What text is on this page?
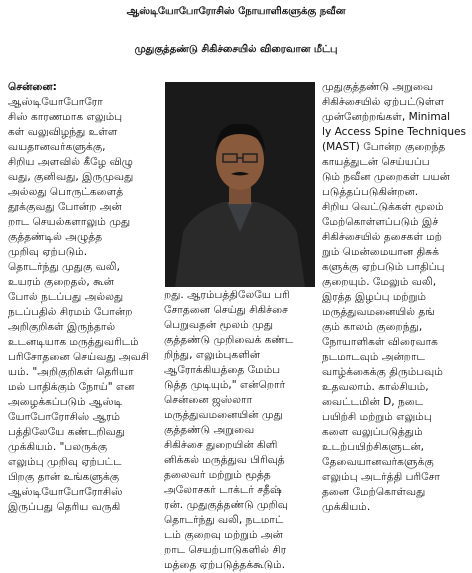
ஆஸ்டியோபோரோசிஸ் நோயாளிகளுக்கு நவீன
முதுகுத்தண்டு சிகிச்சையில் விரைவான மீட்பு

சென்னை:

ஆஸ்டியோபோரோ

சிஸ் காரணமாக எலும்பு

கள் வலுவிழந்து உள்ள

வயதானவர்களுக்கு,

சிறிய அளவில் கீழே விழு

வது, குனிவது, இருமுவது

அல்லது பொருட்களைத்

தூக்குவது போன்ற அன்

றாட செயல்களாலும் முது

குத்தண்டில் அழுத்த

முறிவு ஏற்படும்.

தொடர்ந்து முதுகு வலி,

உயரம் குறைதல், கூன்

போல் நடப்பது அல்லது

நடப்பதில் சிரமம் போன்ற

அறிகுறிகள் இருந்தால்

உடனடியாக மருத்துவரிடம்

பரிசோதனை செய்வது அவசி

யம். "அறிகுறிகள் தெரியா

மல் பாதிக்கும் நோய்" என

அழைக்கப்படும் ஆஸ்டி

யோபோரோசிஸ் ஆரம்

பத்திலேயே கண்டறிவது

முக்கியம். "பலருக்கு

எலும்பு முறிவு ஏற்பட்ட

பிறகு தான் உங்களுக்கு

ஆஸ்டியோபோரோசிஸ்

இருப்பது தெரிய வருகி

றது. ஆரம்பத்திலேயே பரி

சோதனை செய்து சிகிச்சை

பெறுவதன் மூலம் முது

குத்தண்டு முறிவைக் கண்ட

றிந்து, எலும்புகளின்

ஆரோக்கியத்தை மேம்ப

டுத்த முடியும்," என்றொர்

சென்னை ஜஸ்லாா

மருத்துவமனையின் முது

குத்தண்டு அறுவை

சிகிச்சை துறையின் கிளி

னிக்கல் மருத்துவ பிரிவுத்

தலைவர் மற்றும் மூத்த

அலோசகர் டாக்டர் சதீஷ்

ரன். முதுகுத்தண்டு முறிவு

தொடர்ந்து வலி, நடமாட்

டம் குறைவு மற்றும் அன்

றாட செயற்பாடுகளில் சிர

மத்தை ஏற்படுத்தக்கூடும்.

முதுகுத்தண்டு அறுவை

சிகிச்சையில் ஏற்பட்டுள்ள

முன்னேற்றங்கள், Minimal

ly Access Spine Techniques

(MAST) போன்ற குறைந்த

காயத்துடன் செய்யப்ப

டும் நவீன முறைகள் பயன்

படுத்தப்படுகின்றன.

சிறிய வெட்டுக்கள் மூலம்

மேற்கொள்ளப்படும் இச்

சிகிச்சையில் தசைகள் மற்

றும் மென்மையான திசுக்

களுக்கு ஏற்படும் பாதிப்பு

குறையும். மேலும் வலி,

இரத்த இழப்பு மற்றும்

மருத்துவமனையில் தங்

கும் காலம் குறைந்து,

நோயாளிகள் விரைவாக

நடமாடவும் அன்றாட

வாழ்க்கைக்கு திரும்பவும்

உதவலாம். கால்சியம்,

வைட்டமின் D, நடை

பயிற்சி மற்றும் எலும்பு

களை வலுப்படுத்தும்

உடற்பயிற்சிகளுடன்,

தேவையானவர்களுக்கு

எலும்பு அடர்த்தி பரிசோ

தனை மேற்கொள்வது

முக்கியம்.
